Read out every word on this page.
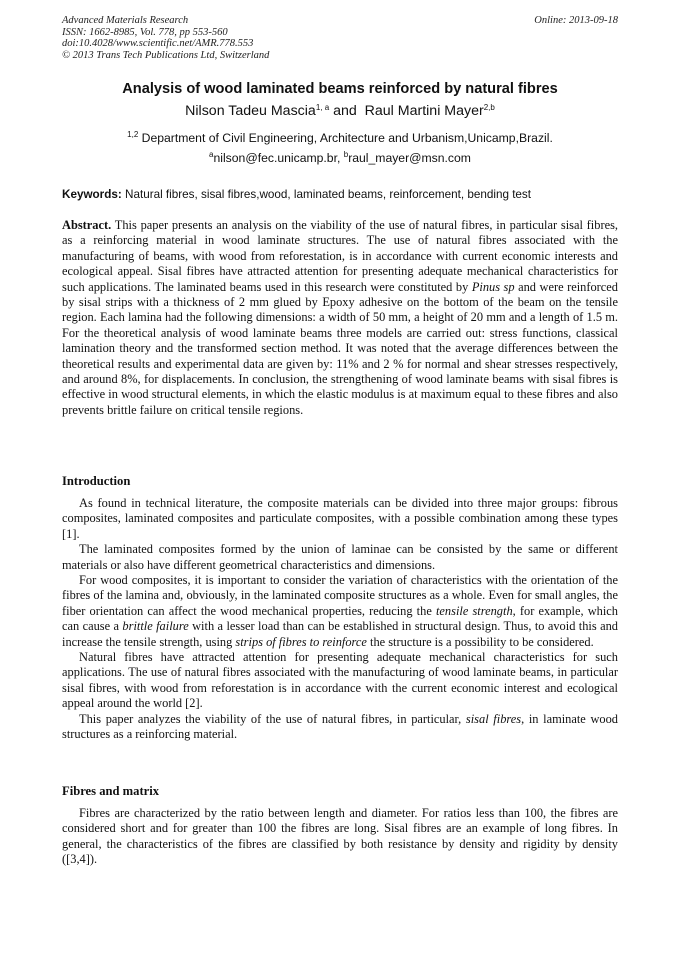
Advanced Materials Research
ISSN: 1662-8985, Vol. 778, pp 553-560
doi:10.4028/www.scientific.net/AMR.778.553
© 2013 Trans Tech Publications Ltd, Switzerland
Online: 2013-09-18
Analysis of wood laminated beams reinforced by natural fibres
Nilson Tadeu Mascia$^{1, a}$ and  Raul Martini Mayer$^{2,b}$
$^{1,2}$ Department of Civil Engineering, Architecture and Urbanism,Unicamp,Brazil.
$^a$nilson@fec.unicamp.br, $^b$raul_mayer@msn.com
Keywords: Natural fibres, sisal fibres,wood, laminated beams, reinforcement, bending test
Abstract. This paper presents an analysis on the viability of the use of natural fibres, in particular sisal fibres, as a reinforcing material in wood laminate structures. The use of natural fibres associated with the manufacturing of beams, with wood from reforestation, is in accordance with current economic interests and ecological appeal. Sisal fibres have attracted attention for presenting adequate mechanical characteristics for such applications. The laminated beams used in this research were constituted by Pinus sp and were reinforced by sisal strips with a thickness of 2 mm glued by Epoxy adhesive on the bottom of the beam on the tensile region. Each lamina had the following dimensions: a width of 50 mm, a height of 20 mm and a length of 1.5 m. For the theoretical analysis of wood laminate beams three models are carried out: stress functions, classical lamination theory and the transformed section method. It was noted that the average differences between the theoretical results and experimental data are given by: 11% and 2 % for normal and shear stresses respectively, and around 8%, for displacements. In conclusion, the strengthening of wood laminate beams with sisal fibres is effective in wood structural elements, in which the elastic modulus is at maximum equal to these fibres and also prevents brittle failure on critical tensile regions.
Introduction

As found in technical literature, the composite materials can be divided into three major groups: fibrous composites, laminated composites and particulate composites, with a possible combination among these types [1].

The laminated composites formed by the union of laminae can be consisted by the same or different materials or also have different geometrical characteristics and dimensions.

For wood composites, it is important to consider the variation of characteristics with the orientation of the fibres of the lamina and, obviously, in the laminated composite structures as a whole. Even for small angles, the fiber orientation can affect the wood mechanical properties, reducing the tensile strength, for example, which can cause a brittle failure with a lesser load than can be established in structural design. Thus, to avoid this and increase the tensile strength, using strips of fibres to reinforce the structure is a possibility to be considered.

Natural fibres have attracted attention for presenting adequate mechanical characteristics for such applications. The use of natural fibres associated with the manufacturing of wood laminate beams, in particular sisal fibres, with wood from reforestation is in accordance with the current economic interest and ecological appeal around the world [2].

This paper analyzes the viability of the use of natural fibres, in particular, sisal fibres, in laminate wood structures as a reinforcing material.

Fibres and matrix

Fibres are characterized by the ratio between length and diameter. For ratios less than 100, the fibres are considered short and for greater than 100 the fibres are long. Sisal fibres are an example of long fibres. In general, the characteristics of the fibres are classified by both resistance by density and rigidity by density ([3,4]).
